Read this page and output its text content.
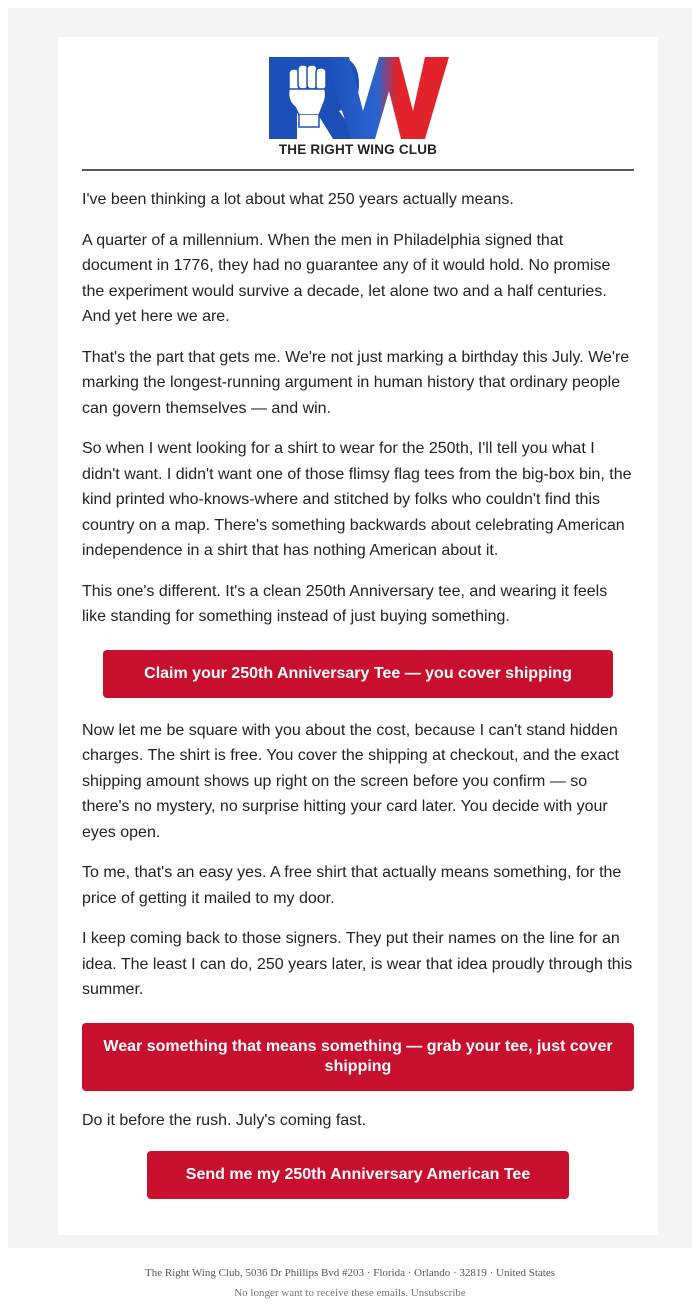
THE RIGHT WING CLUB

I've been thinking a lot about what 250 years actually means.

A quarter of a millennium. When the men in Philadelphia signed that document in 1776, they had no guarantee any of it would hold. No promise the experiment would survive a decade, let alone two and a half centuries. And yet here we are.

That's the part that gets me. We're not just marking a birthday this July. We're marking the longest-running argument in human history that ordinary people can govern themselves — and win.

So when I went looking for a shirt to wear for the 250th, I'll tell you what I didn't want. I didn't want one of those flimsy flag tees from the big-box bin, the kind printed who-knows-where and stitched by folks who couldn't find this country on a map. There's something backwards about celebrating American independence in a shirt that has nothing American about it.

This one's different. It's a clean 250th Anniversary tee, and wearing it feels like standing for something instead of just buying something.

Claim your 250th Anniversary Tee — you cover shipping

Now let me be square with you about the cost, because I can't stand hidden charges. The shirt is free. You cover the shipping at checkout, and the exact shipping amount shows up right on the screen before you confirm — so there's no mystery, no surprise hitting your card later. You decide with your eyes open.

To me, that's an easy yes. A free shirt that actually means something, for the price of getting it mailed to my door.

I keep coming back to those signers. They put their names on the line for an idea. The least I can do, 250 years later, is wear that idea proudly through this summer.

Wear something that means something — grab your tee, just cover shipping

Do it before the rush. July's coming fast.

Send me my 250th Anniversary American Tee
The Right Wing Club, 5036 Dr Phillips Bvd #203 · Florida · Orlando · 32819 · United States
No longer want to receive these emails. Unsubscribe
